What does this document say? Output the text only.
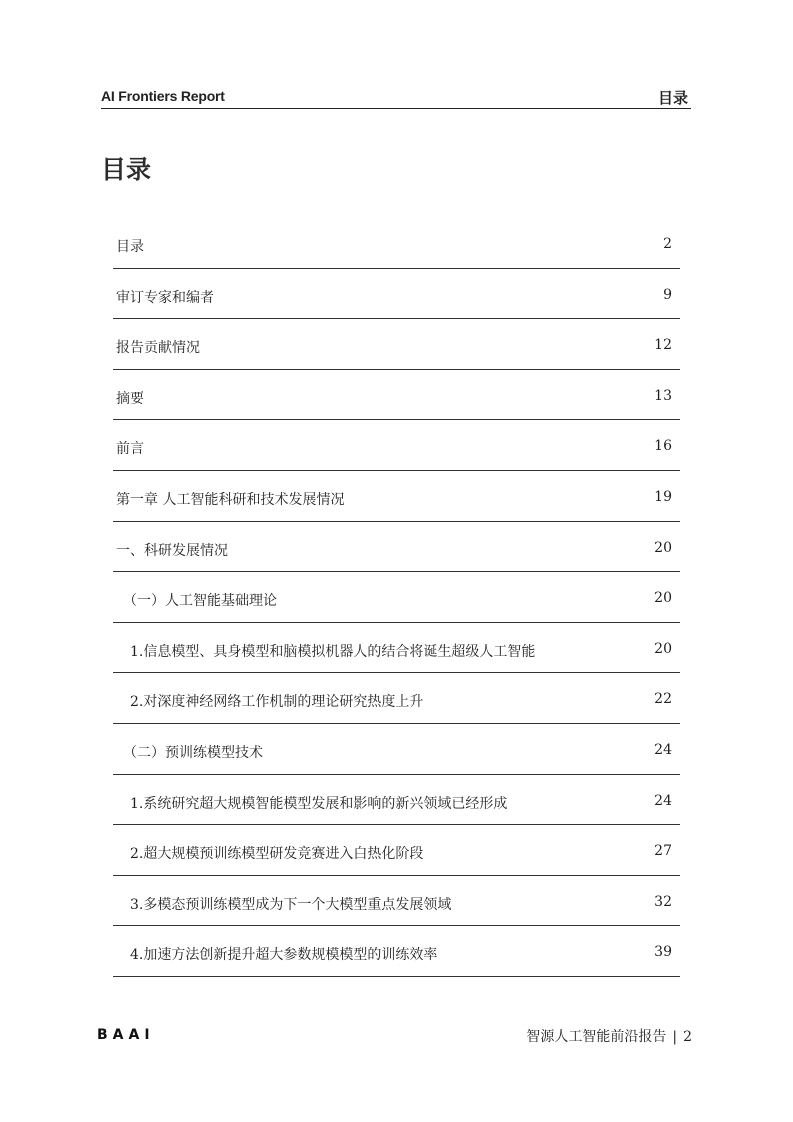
AI Frontiers Report	目录
目录
目录	2
审订专家和编者	9
报告贡献情况	12
摘要	13
前言	16
第一章 人工智能科研和技术发展情况	19
一、科研发展情况	20
（一）人工智能基础理论	20
1.信息模型、具身模型和脑模拟机器人的结合将诞生超级人工智能	20
2.对深度神经网络工作机制的理论研究热度上升	22
（二）预训练模型技术	24
1.系统研究超大规模智能模型发展和影响的新兴领域已经形成	24
2.超大规模预训练模型研发竞赛进入白热化阶段	27
3.多模态预训练模型成为下一个大模型重点发展领域	32
4.加速方法创新提升超大参数规模模型的训练效率	39
BAAI	智源人工智能前沿报告 | 2
